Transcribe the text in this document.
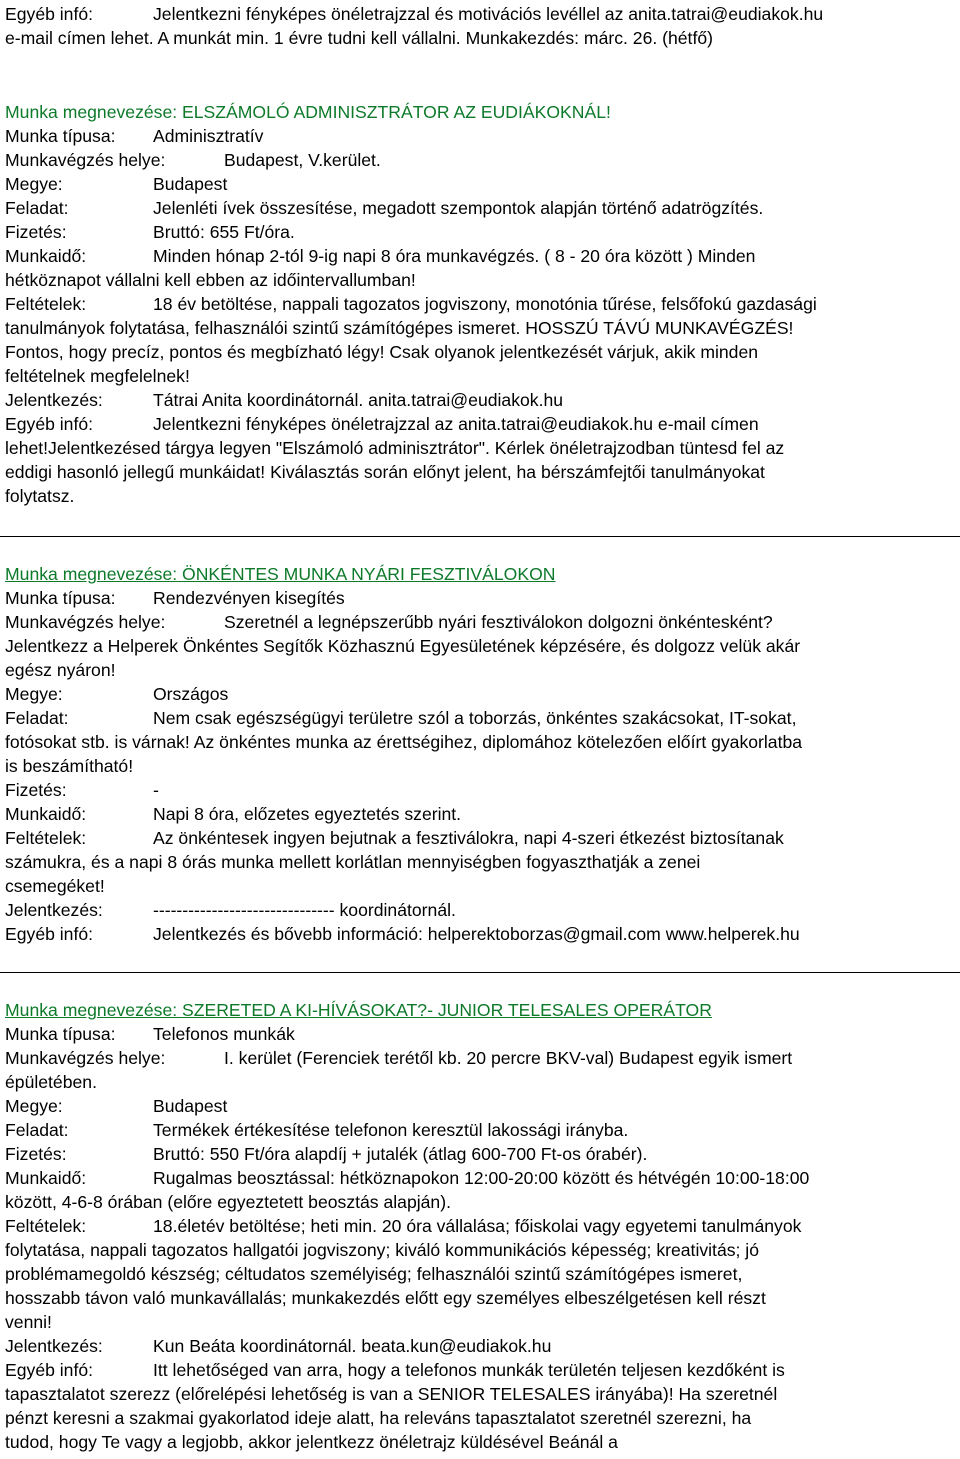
Egyéb infó:	Jelentkezni fényképes önéletrajzzal és motivációs levéllel az anita.tatrai@eudiakok.hu
e-mail címen lehet. A munkát min. 1 évre tudni kell vállalni. Munkakezdés: márc. 26. (hétfő)
Munka megnevezése: ELSZÁMOLÓ ADMINISZTRÁTOR AZ EUDIÁKOKNÁL!
Munka típusa: Adminisztratív
Munkavégzés helye:	Budapest, V.kerület.
Megye:	Budapest
Feladat:	Jelenléti ívek összesítése, megadott szempontok alapján történő adatrögzítés.
Fizetés:	Bruttó: 655 Ft/óra.
Munkaidő:	Minden hónap 2-tól 9-ig napi 8 óra munkavégzés. ( 8 - 20 óra között ) Minden
hétköznapot vállalni kell ebben az időintervallumban!
Feltételek:	18 év betöltése, nappali tagozatos jogviszony, monotónia tűrése, felsőfokú gazdasági
tanulmányok folytatása, felhasználói szintű számítógépes ismeret. HOSSZÚ TÁVÚ MUNKAVÉGZÉS!
Fontos, hogy precíz, pontos és megbízható légy! Csak olyanok jelentkezését várjuk, akik minden
feltételnek megfelelnek!
Jelentkezés:	Tátrai Anita koordinátornál. anita.tatrai@eudiakok.hu
Egyéb infó:	Jelentkezni fényképes önéletrajzzal az anita.tatrai@eudiakok.hu e-mail címen
lehet!Jelentkezésed tárgya legyen "Elszámoló adminisztrátor". Kérlek önéletrajzodban tüntesd fel az
eddigi hasonló jellegű munkáidat! Kiválasztás során előnyt jelent, ha bérszámfejtői tanulmányokat
folytatsz.
Munka megnevezése: ÖNKÉNTES MUNKA NYÁRI FESZTIVÁLOKON
Munka típusa: Rendezvényen kisegítés
Munkavégzés helye:	Szeretnél a legnépszerűbb nyári fesztiválokon dolgozni önkéntesként?
Jelentkezz a Helperek Önkéntes Segítők Közhasznú Egyesületének képzésére, és dolgozz velük akár
egész nyáron!
Megye:	Országos
Feladat:	Nem csak egészségügyi területre szól a toborzás, önkéntes szakácsokat, IT-sokat,
fotósokat stb. is várnak! Az önkéntes munka az érettségihez, diplomához kötelezően előírt gyakorlatba
is beszámítható!
Fizetés:	-
Munkaidő:	Napi 8 óra, előzetes egyeztetés szerint.
Feltételek:	Az önkéntesek ingyen bejutnak a fesztiválokra, napi 4-szeri étkezést biztosítanak
számukra, és a napi 8 órás munka mellett korlátlan mennyiségben fogyaszthatják a zenei
csemegéket!
Jelentkezés:	------------------------------- koordinátornál.
Egyéb infó:	Jelentkezés és bővebb információ: helperektoborzas@gmail.com www.helperek.hu
Munka megnevezése: SZERETED A KI-HÍVÁSOKAT?- JUNIOR TELESALES OPERÁTOR
Munka típusa: Telefonos munkák
Munkavégzés helye:	I. kerület (Ferenciek terétől kb. 20 percre BKV-val) Budapest egyik ismert
épületében.
Megye:	Budapest
Feladat:	Termékek értékesítése telefonon keresztül lakossági irányba.
Fizetés:	Bruttó: 550 Ft/óra alapdíj + jutalék (átlag 600-700 Ft-os órabér).
Munkaidő:	Rugalmas beosztással: hétköznapokon 12:00-20:00 között és hétvégén 10:00-18:00
között, 4-6-8 órában (előre egyeztetett beosztás alapján).
Feltételek:	18.életév betöltése; heti min. 20 óra vállalása; főiskolai vagy egyetemi tanulmányok
folytatása, nappali tagozatos hallgatói jogviszony; kiváló kommunikációs képesség; kreativitás; jó
problémamegoldó készség; céltudatos személyiség; felhasználói szintű számítógépes ismeret,
hosszabb távon való munkavállalás; munkakezdés előtt egy személyes elbeszélgetésen kell részt
venni!
Jelentkezés:	Kun Beáta koordinátornál. beata.kun@eudiakok.hu
Egyéb infó:	Itt lehetőséged van arra, hogy a telefonos munkák területén teljesen kezdőként is
tapasztalatot szerezz (előrelépési lehetőség is van a SENIOR TELESALES irányába)! Ha szeretnél
pénzt keresni a szakmai gyakorlatod ideje alatt, ha releváns tapasztalatot szeretnél szerezni, ha
tudod, hogy Te vagy a legjobb, akkor jelentkezz önéletrajz küldésével Beánál a
